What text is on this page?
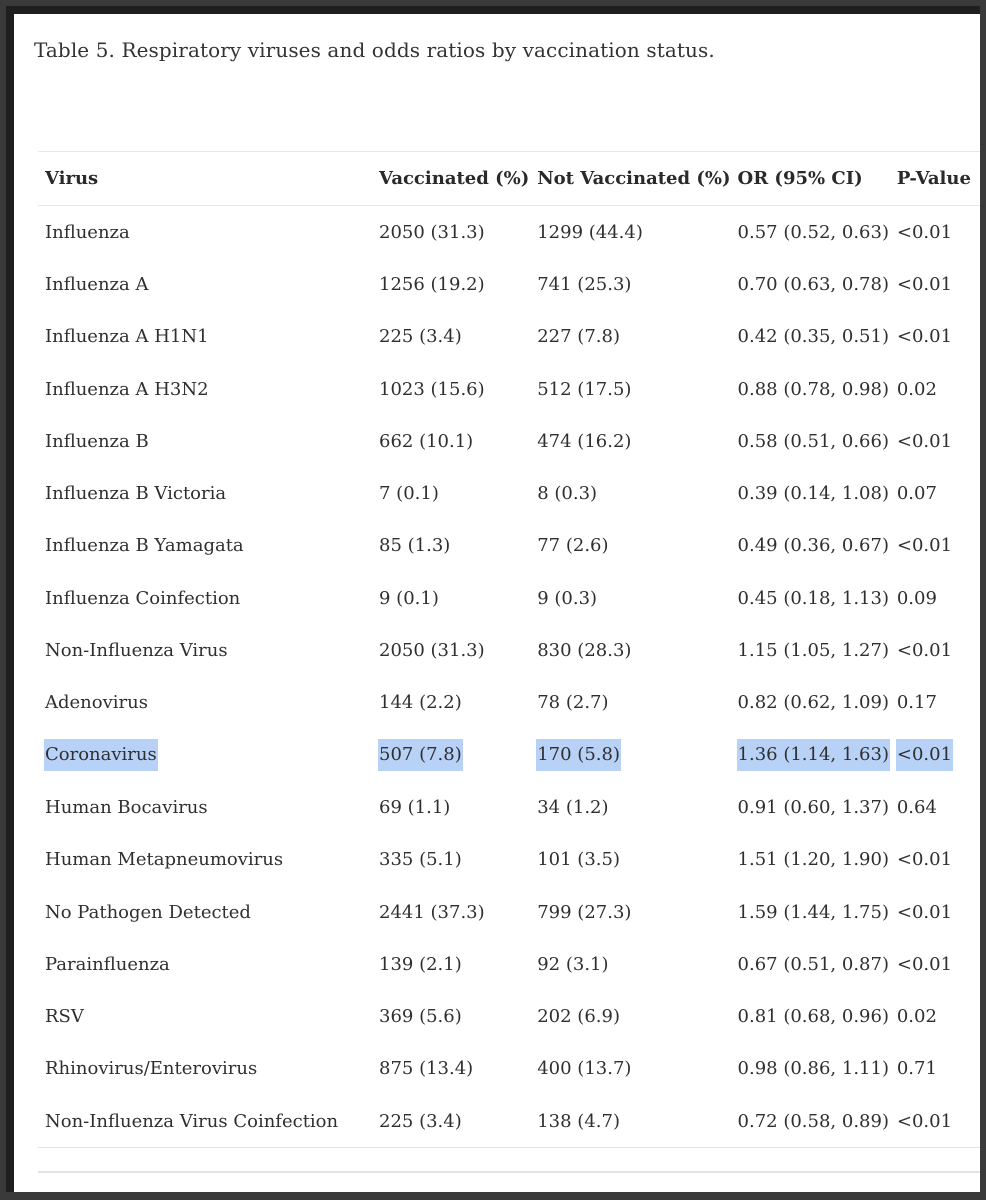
Table 5. Respiratory viruses and odds ratios by vaccination status.
Virus	Vaccinated (%)	Not Vaccinated (%)	OR (95% CI)	P-Value
Influenza	2050 (31.3)	1299 (44.4)	0.57 (0.52, 0.63)	<0.01
Influenza A	1256 (19.2)	741 (25.3)	0.70 (0.63, 0.78)	<0.01
Influenza A H1N1	225 (3.4)	227 (7.8)	0.42 (0.35, 0.51)	<0.01
Influenza A H3N2	1023 (15.6)	512 (17.5)	0.88 (0.78, 0.98)	0.02
Influenza B	662 (10.1)	474 (16.2)	0.58 (0.51, 0.66)	<0.01
Influenza B Victoria	7 (0.1)	8 (0.3)	0.39 (0.14, 1.08)	0.07
Influenza B Yamagata	85 (1.3)	77 (2.6)	0.49 (0.36, 0.67)	<0.01
Influenza Coinfection	9 (0.1)	9 (0.3)	0.45 (0.18, 1.13)	0.09
Non-Influenza Virus	2050 (31.3)	830 (28.3)	1.15 (1.05, 1.27)	<0.01
Adenovirus	144 (2.2)	78 (2.7)	0.82 (0.62, 1.09)	0.17
Coronavirus	507 (7.8)	170 (5.8)	1.36 (1.14, 1.63)	<0.01
Human Bocavirus	69 (1.1)	34 (1.2)	0.91 (0.60, 1.37)	0.64
Human Metapneumovirus	335 (5.1)	101 (3.5)	1.51 (1.20, 1.90)	<0.01
No Pathogen Detected	2441 (37.3)	799 (27.3)	1.59 (1.44, 1.75)	<0.01
Parainfluenza	139 (2.1)	92 (3.1)	0.67 (0.51, 0.87)	<0.01
RSV	369 (5.6)	202 (6.9)	0.81 (0.68, 0.96)	0.02
Rhinovirus/Enterovirus	875 (13.4)	400 (13.7)	0.98 (0.86, 1.11)	0.71
Non-Influenza Virus Coinfection	225 (3.4)	138 (4.7)	0.72 (0.58, 0.89)	<0.01
